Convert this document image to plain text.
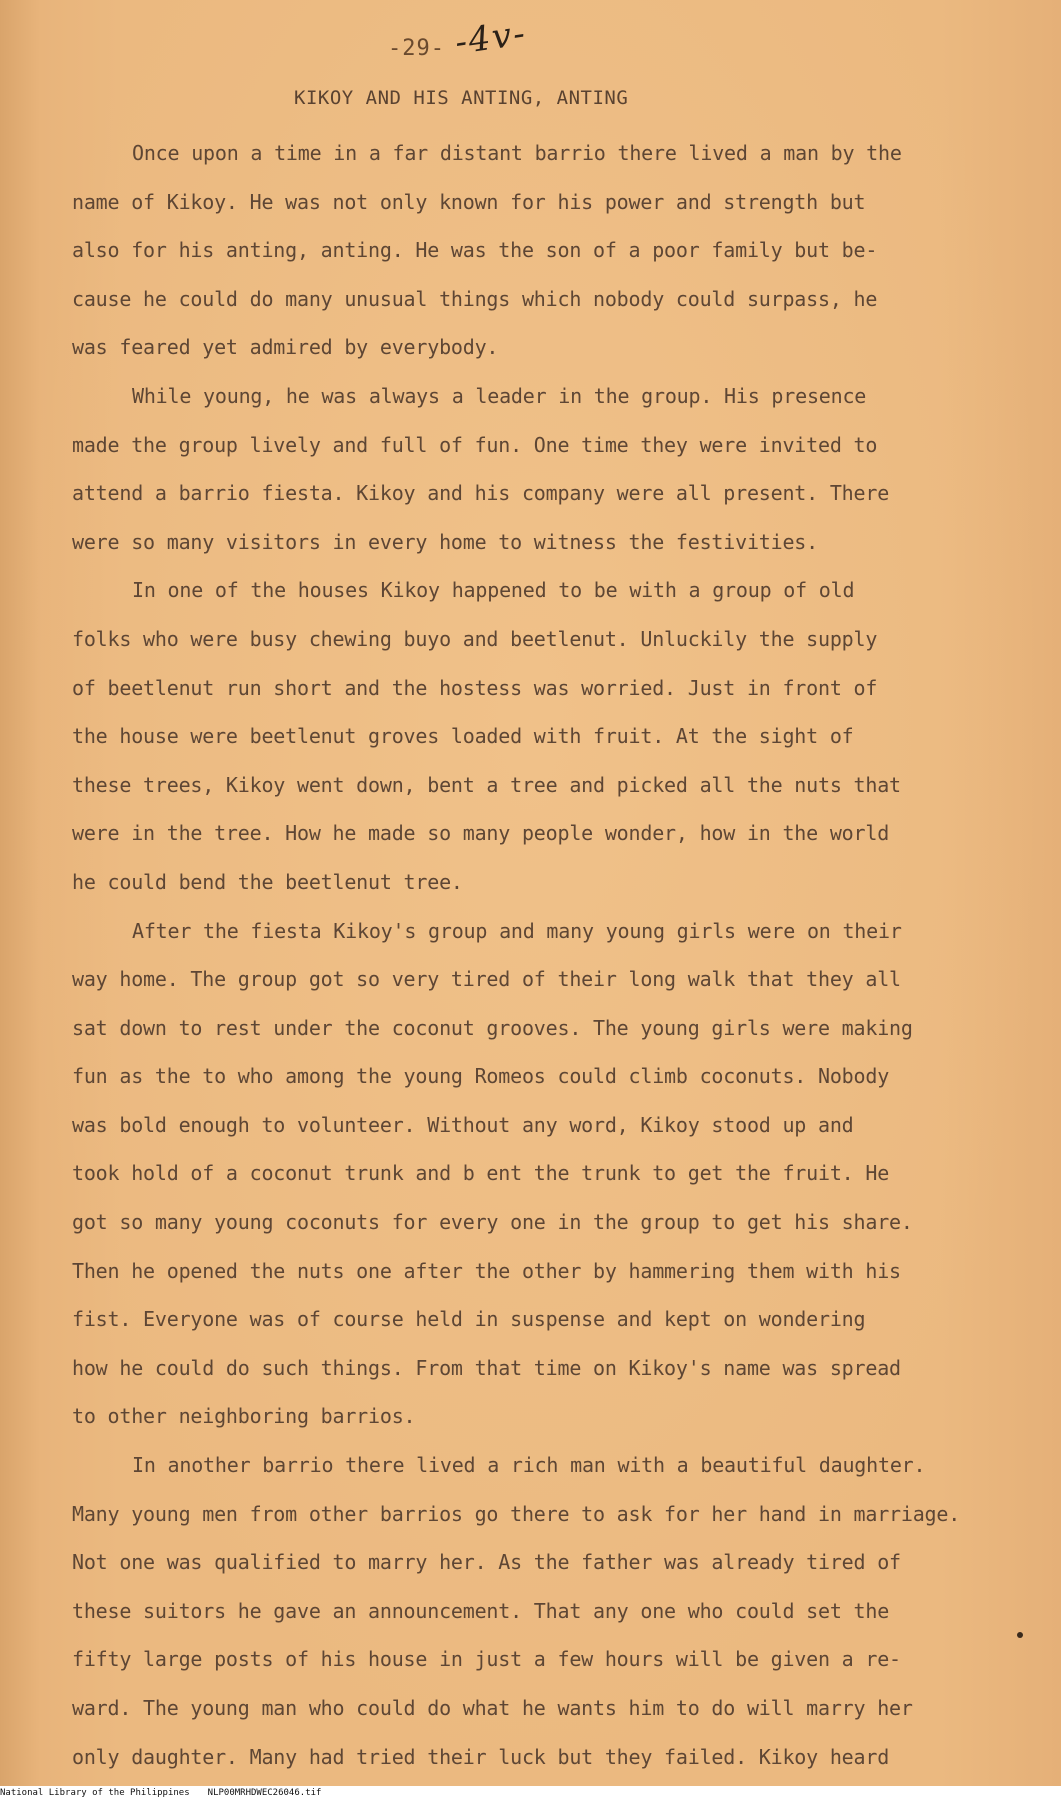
-29- -4v-
KIKOY AND HIS ANTING, ANTING
Once upon a time in a far distant barrio there lived a man by the
name of Kikoy. He was not only known for his power and strength but
also for his anting, anting. He was the son of a poor family but be-
cause he could do many unusual things which nobody could surpass, he
was feared yet admired by everybody.
While young, he was always a leader in the group. His presence
made the group lively and full of fun. One time they were invited to
attend a barrio fiesta. Kikoy and his company were all present. There
were so many visitors in every home to witness the festivities.
In one of the houses Kikoy happened to be with a group of old
folks who were busy chewing buyo and beetlenut. Unluckily the supply
of beetlenut run short and the hostess was worried. Just in front of
the house were beetlenut groves loaded with fruit. At the sight of
these trees, Kikoy went down, bent a tree and picked all the nuts that
were in the tree. How he made so many people wonder, how in the world
he could bend the beetlenut tree.
After the fiesta Kikoy's group and many young girls were on their
way home. The group got so very tired of their long walk that they all
sat down to rest under the coconut grooves. The young girls were making
fun as the to who among the young Romeos could climb coconuts. Nobody
was bold enough to volunteer. Without any word, Kikoy stood up and
took hold of a coconut trunk and b ent the trunk to get the fruit. He
got so many young coconuts for every one in the group to get his share.
Then he opened the nuts one after the other by hammering them with his
fist. Everyone was of course held in suspense and kept on wondering
how he could do such things. From that time on Kikoy's name was spread
to other neighboring barrios.
In another barrio there lived a rich man with a beautiful daughter.
Many young men from other barrios go there to ask for her hand in marriage.
Not one was qualified to marry her. As the father was already tired of
these suitors he gave an announcement. That any one who could set the
fifty large posts of his house in just a few hours will be given a re-
ward. The young man who could do what he wants him to do will marry her
only daughter. Many had tried their luck but they failed. Kikoy heard
National Library of the Philippines NLP00MRHDWEC26046.tif
